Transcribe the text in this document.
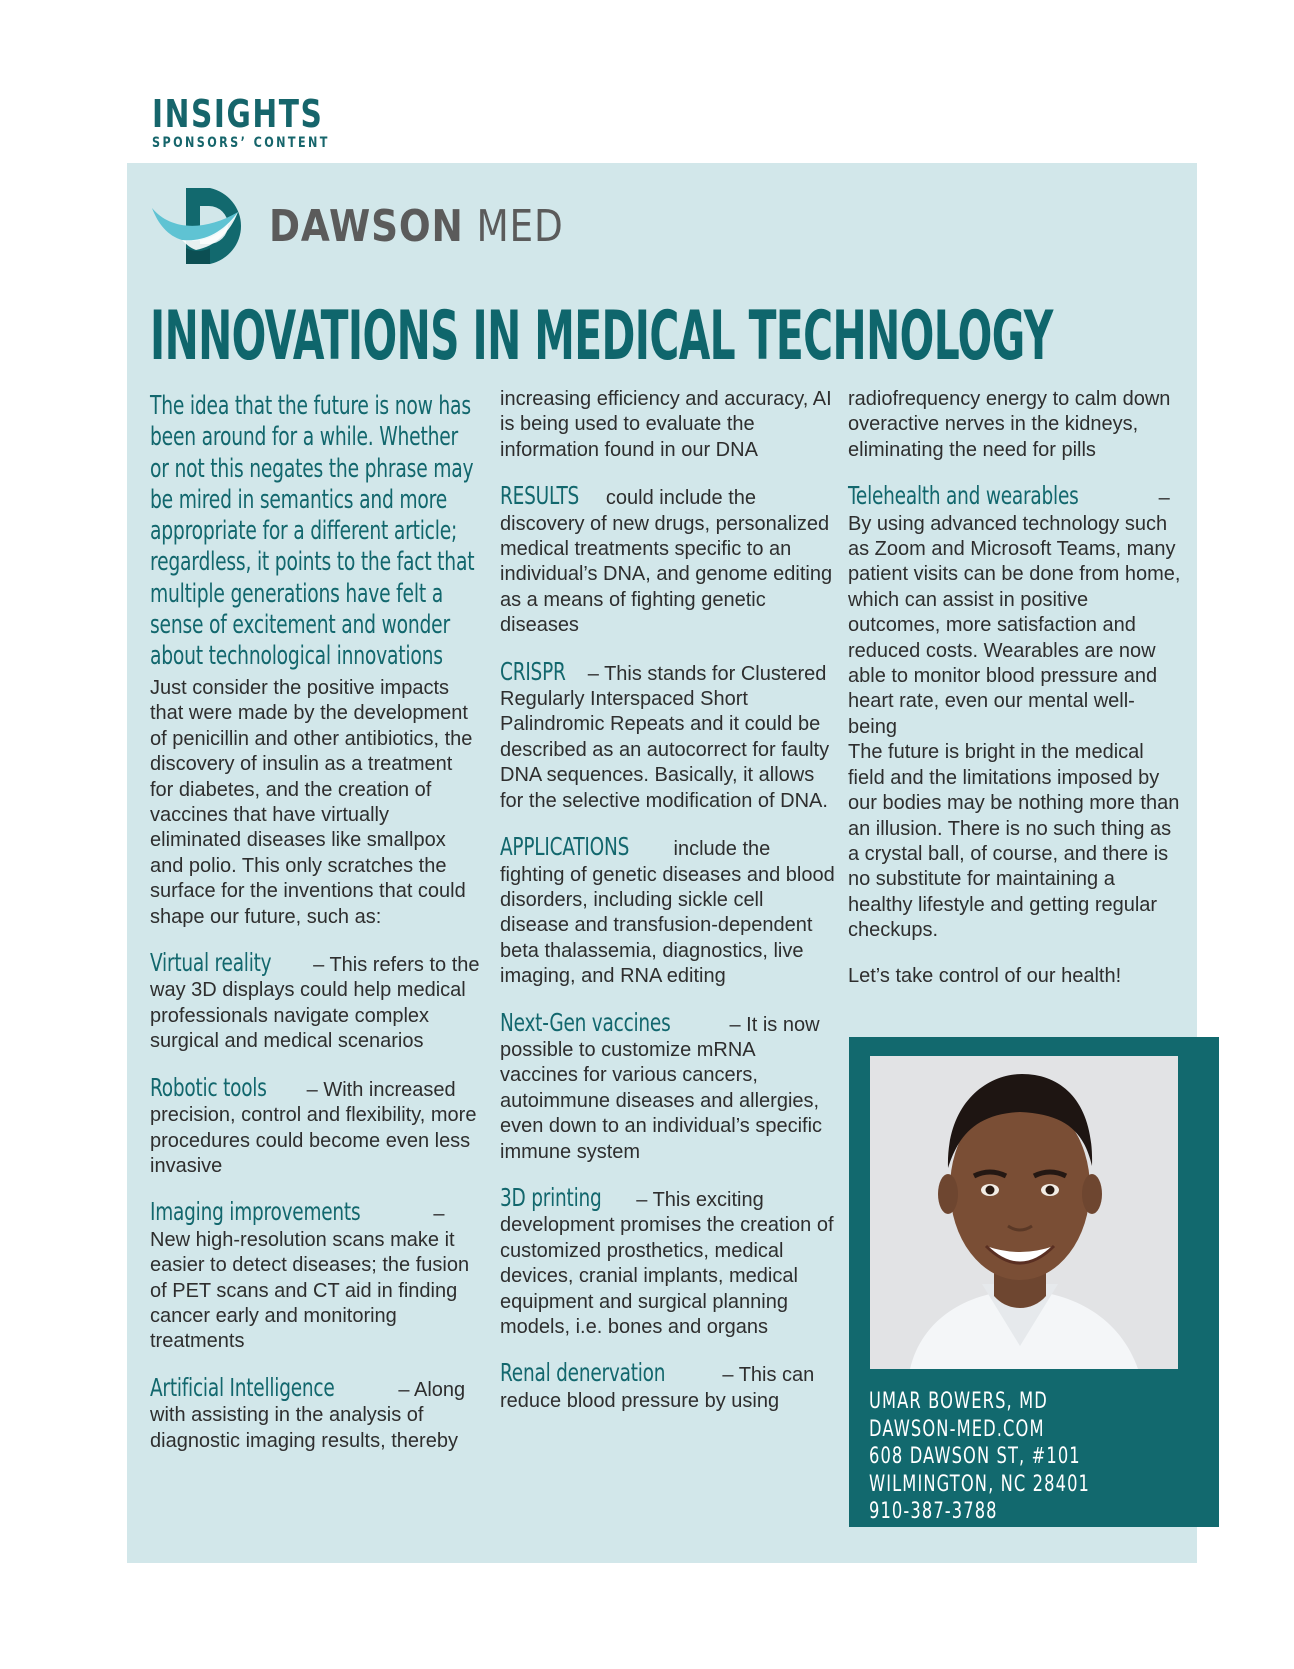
INSIGHTS
SPONSORS’ CONTENT
DAWSON MED
INNOVATIONS IN MEDICAL TECHNOLOGY
The idea that the future is now has been around for a while. Whether or not this negates the phrase may be mired in semantics and more appropriate for a different article; regardless, it points to the fact that multiple generations have felt a sense of excitement and wonder about technological innovations

Just consider the positive impacts that were made by the development of penicillin and other antibiotics, the discovery of insulin as a treatment for diabetes, and the creation of vaccines that have virtually eliminated diseases like smallpox and polio. This only scratches the surface for the inventions that could shape our future, such as:

Virtual reality – This refers to the way 3D displays could help medical professionals navigate complex surgical and medical scenarios

Robotic tools – With increased precision, control and flexibility, more procedures could become even less invasive

Imaging improvements	– New high-resolution scans make it easier to detect diseases; the fusion of PET scans and CT aid in finding cancer early and monitoring treatments

Artificial Intelligence	– Along with assisting in the analysis of diagnostic imaging results, thereby

increasing efficiency and accuracy, AI is being used to evaluate the information found in our DNA

RESULTS could include the discovery of new drugs, personalized medical treatments specific to an individual’s DNA, and genome editing as a means of fighting genetic diseases

CRISPR – This stands for Clustered Regularly Interspaced Short Palindromic Repeats and it could be described as an autocorrect for faulty DNA sequences. Basically, it allows for the selective modification of DNA.

APPLICATIONS include the fighting of genetic diseases and blood disorders, including sickle cell disease and transfusion-dependent beta thalassemia, diagnostics, live imaging, and RNA editing

Next-Gen vaccines	– It is now possible to customize mRNA vaccines for various cancers, autoimmune diseases and allergies, even down to an individual’s specific immune system

3D printing – This exciting development promises the creation of customized prosthetics, medical devices, cranial implants, medical equipment and surgical planning models, i.e. bones and organs

Renal denervation	– This can reduce blood pressure by using

radiofrequency energy to calm down overactive nerves in the kidneys, eliminating the need for pills

Telehealth and wearables	– By using advanced technology such as Zoom and Microsoft Teams, many patient visits can be done from home, which can assist in positive outcomes, more satisfaction and reduced costs. Wearables are now able to monitor blood pressure and heart rate, even our mental well-being

The future is bright in the medical field and the limitations imposed by our bodies may be nothing more than an illusion. There is no such thing as a crystal ball, of course, and there is no substitute for maintaining a healthy lifestyle and getting regular checkups.

Let’s take control of our health!

UMAR BOWERS, MD
DAWSON-MED.COM
608 DAWSON ST, #101
WILMINGTON, NC 28401
910-387-3788
